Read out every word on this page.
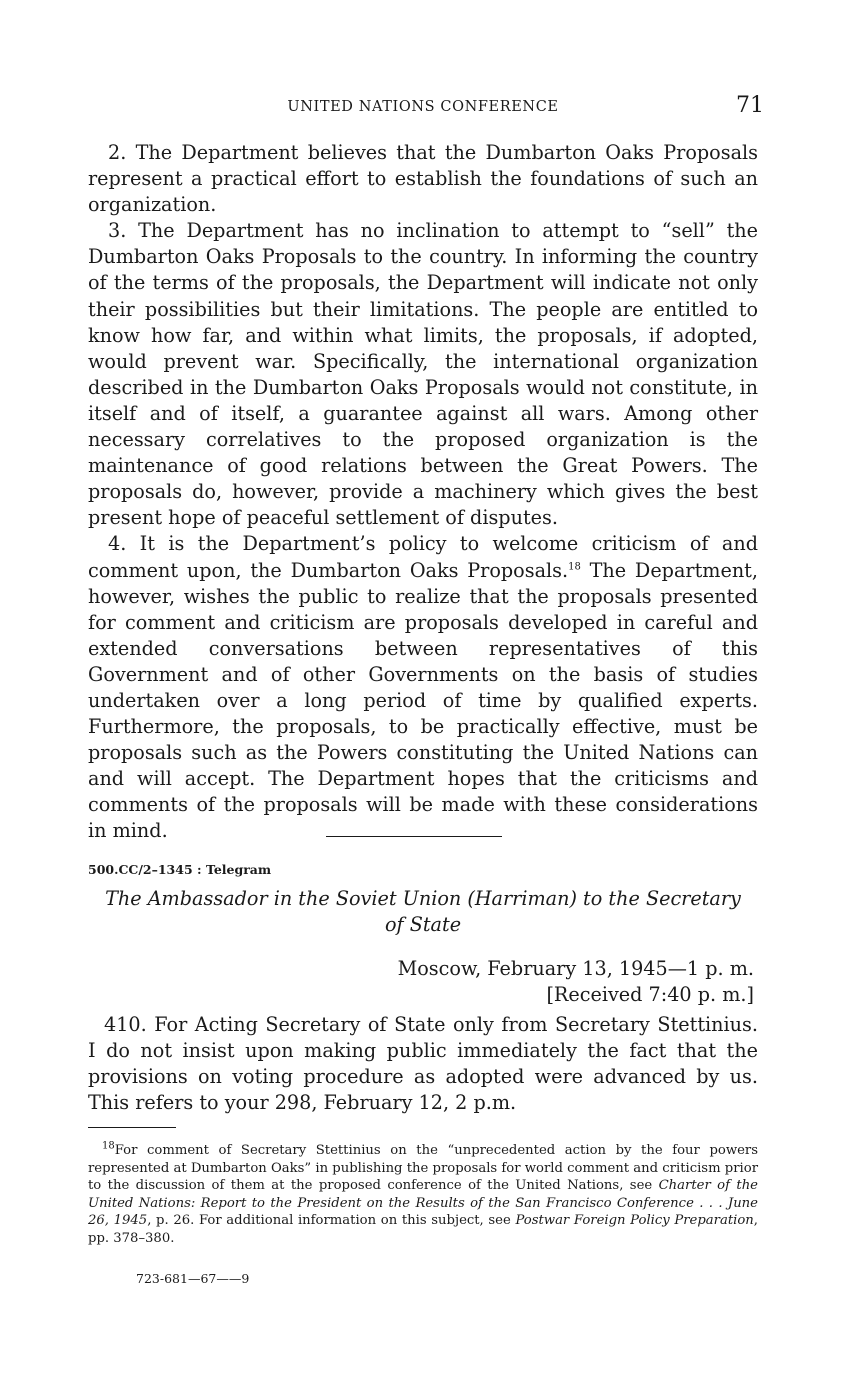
UNITED NATIONS CONFERENCE	71

2. The Department believes that the Dumbarton Oaks Proposals represent a practical effort to establish the foundations of such an organization.

3. The Department has no inclination to attempt to “sell” the Dumbarton Oaks Proposals to the country. In informing the country of the terms of the proposals, the Department will indicate not only their possibilities but their limitations. The people are entitled to know how far, and within what limits, the proposals, if adopted, would prevent war. Specifically, the international organization described in the Dumbarton Oaks Proposals would not constitute, in itself and of itself, a guarantee against all wars. Among other necessary correlatives to the proposed organization is the maintenance of good relations between the Great Powers. The proposals do, however, provide a machinery which gives the best present hope of peaceful settlement of disputes.

4. It is the Department’s policy to welcome criticism of and comment upon, the Dumbarton Oaks Proposals.$^{18}$ The Department, however, wishes the public to realize that the proposals presented for comment and criticism are proposals developed in careful and extended conversations between representatives of this Government and of other Governments on the basis of studies undertaken over a long period of time by qualified experts. Furthermore, the proposals, to be practically effective, must be proposals such as the Powers constituting the United Nations can and will accept. The Department hopes that the criticisms and comments of the proposals will be made with these considerations in mind.

500.CC/2–1345 : Telegram
The Ambassador in the Soviet Union (Harriman) to the Secretary
of State
Moscow, February 13, 1945—1 p. m.
[Received 7:40 p. m.]

410. For Acting Secretary of State only from Secretary Stettinius. I do not insist upon making public immediately the fact that the provisions on voting procedure as adopted were advanced by us. This refers to your 298, February 12, 2 p.m.

$^{18}$For comment of Secretary Stettinius on the “unprecedented action by the four powers represented at Dumbarton Oaks” in publishing the proposals for world comment and criticism prior to the discussion of them at the proposed conference of the United Nations, see Charter of the United Nations: Report to the President on the Results of the San Francisco Conference . . . June 26, 1945, p. 26. For additional information on this subject, see Postwar Foreign Policy Preparation, pp. 378–380.

723-681—67——9
